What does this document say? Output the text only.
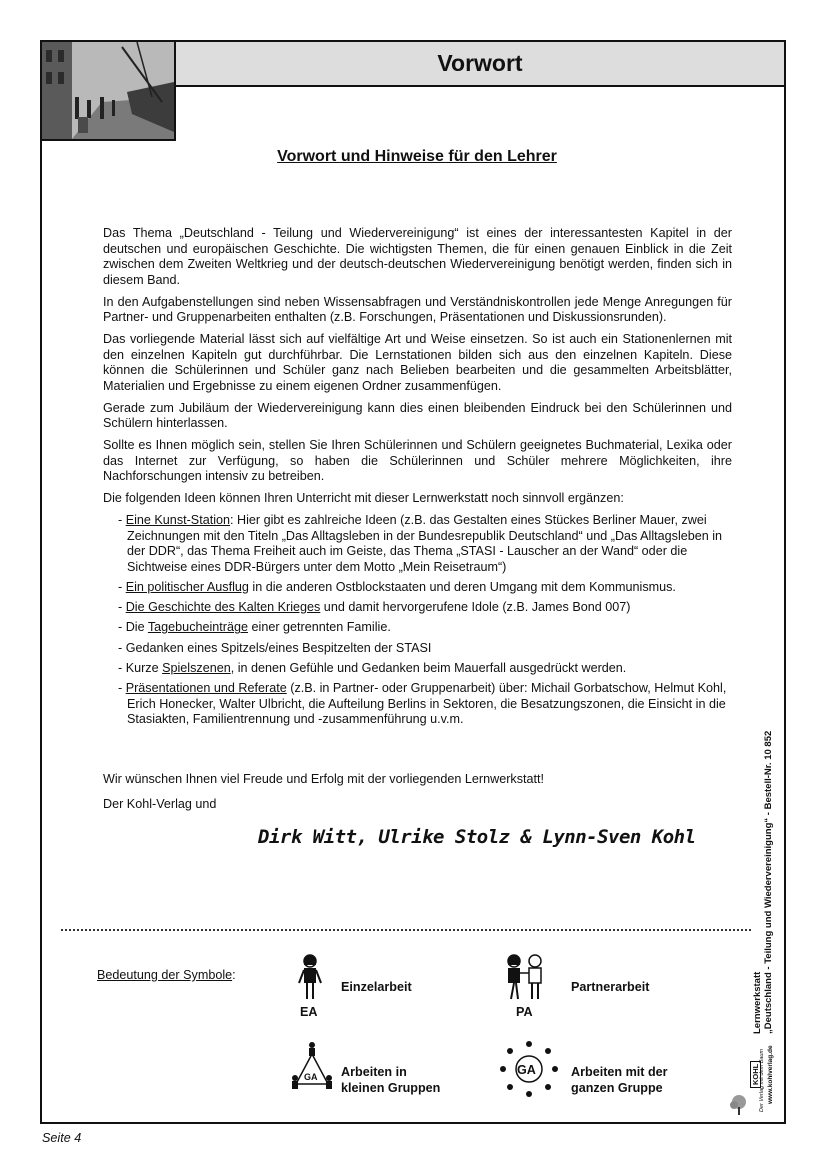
Vorwort
Vorwort und Hinweise für den Lehrer

Das Thema „Deutschland - Teilung und Wiedervereinigung“ ist eines der interessantesten Kapitel in der deutschen und europäischen Geschichte. Die wichtigsten Themen, die für einen genauen Einblick in die Zeit zwischen dem Zweiten Weltkrieg und der deutsch-deutschen Wiedervereinigung benötigt werden, finden sich in diesem Band.

In den Aufgabenstellungen sind neben Wissensabfragen und Verständniskontrollen jede Menge Anregungen für Partner- und Gruppenarbeiten enthalten (z.B. Forschungen, Präsentationen und Diskussionsrunden).

Das vorliegende Material lässt sich auf vielfältige Art und Weise einsetzen. So ist auch ein Stationenlernen mit den einzelnen Kapiteln gut durchführbar. Die Lernstationen bilden sich aus den einzelnen Kapiteln. Diese können die Schülerinnen und Schüler ganz nach Belieben bearbeiten und die gesammelten Arbeitsblätter, Materialien und Ergebnisse zu einem eigenen Ordner zusammenfügen.

Gerade zum Jubiläum der Wiedervereinigung kann dies einen bleibenden Eindruck bei den Schülerinnen und Schülern hinterlassen.

Sollte es Ihnen möglich sein, stellen Sie Ihren Schülerinnen und Schülern geeignetes Buchmaterial, Lexika oder das Internet zur Verfügung, so haben die Schülerinnen und Schüler mehrere Möglichkeiten, ihre Nachforschungen intensiv zu betreiben.

Die folgenden Ideen können Ihren Unterricht mit dieser Lernwerkstatt noch sinnvoll ergänzen:

- Eine Kunst-Station: Hier gibt es zahlreiche Ideen (z.B. das Gestalten eines Stückes Berliner Mauer, zwei Zeichnungen mit den Titeln „Das Alltagsleben in der Bundesrepublik Deutschland“ und „Das Alltagsleben in der DDR“, das Thema Freiheit auch im Geiste, das Thema „STASI - Lauscher an der Wand“ oder die Sichtweise eines DDR-Bürgers unter dem Motto „Mein Reisetraum“)
- Ein politischer Ausflug in die anderen Ostblockstaaten und deren Umgang mit dem Kommunismus.
- Die Geschichte des Kalten Krieges und damit hervorgerufene Idole (z.B. James Bond 007)
- Die Tagebucheinträge einer getrennten Familie.
- Gedanken eines Spitzels/eines Bespitzelten der STASI
- Kurze Spielszenen, in denen Gefühle und Gedanken beim Mauerfall ausgedrückt werden.
- Präsentationen und Referate (z.B. in Partner- oder Gruppenarbeit) über: Michail Gorbatschow, Helmut Kohl, Erich Honecker, Walter Ulbricht, die Aufteilung Berlins in Sektoren, die Besatzungszonen, die Einsicht in die Stasiakten, Familientrennung und -zusammenführung u.v.m.

Wir wünschen Ihnen viel Freude und Erfolg mit der vorliegenden Lernwerkstatt!

Der Kohl-Verlag und

Dirk Witt, Ulrike Stolz & Lynn-Sven Kohl
Bedeutung der Symbole:
EA
Einzelarbeit
PA
Partnerarbeit
GA Arbeiten in
kleinen Gruppen
GA	Arbeiten mit der
ganzen Gruppe
Lernwerkstatt „Deutschland - Teilung und Wiedervereinigung“ - Bestell-Nr. 10 852
KOHL Der Verlag mit dem Baum www.kohlverlag.de
Seite 4
